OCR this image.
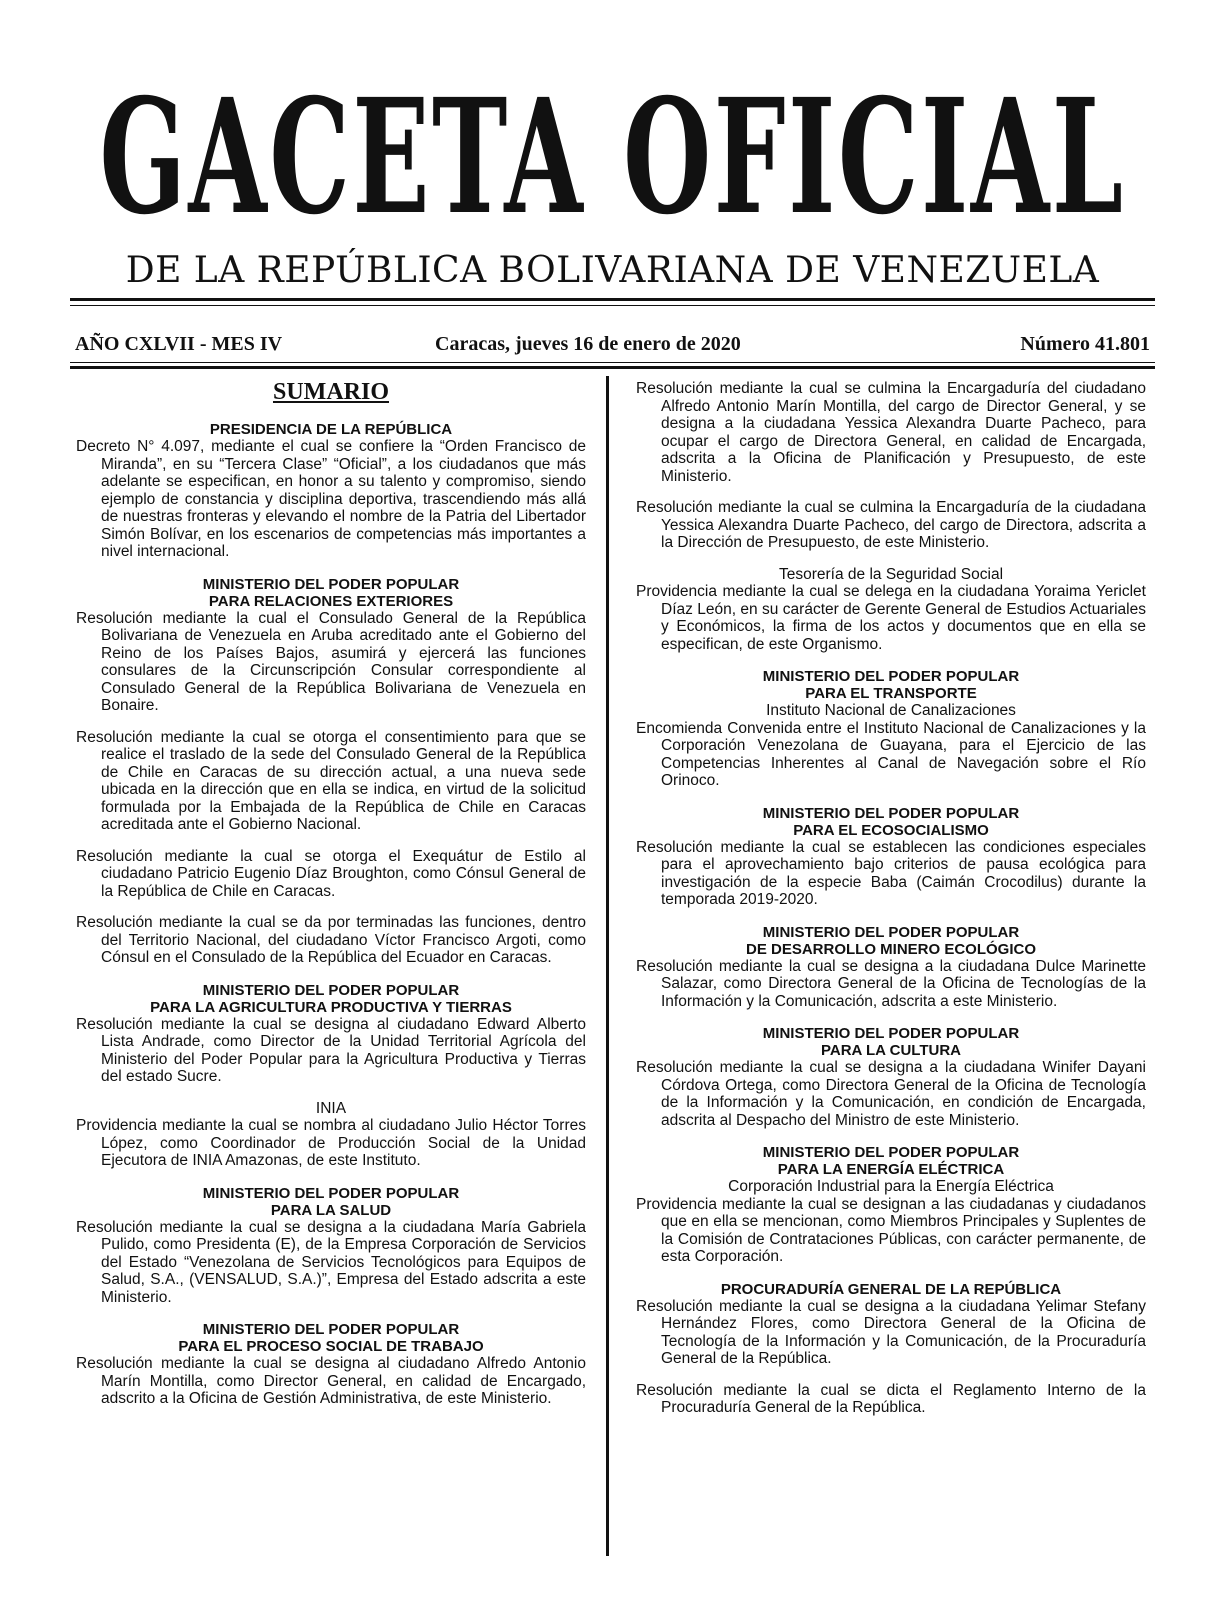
GACETA OFICIAL
DE LA REPÚBLICA BOLIVARIANA DE VENEZUELA
AÑO CXLVII - MES IV	Caracas, jueves 16 de enero de 2020	Número 41.801
SUMARIO
PRESIDENCIA DE LA REPÚBLICA

Decreto N° 4.097, mediante el cual se confiere la “Orden Francisco de Miranda”, en su “Tercera Clase” “Oficial”, a los ciudadanos que más adelante se especifican, en honor a su talento y compromiso, siendo ejemplo de constancia y disciplina deportiva, trascendiendo más allá de nuestras fronteras y elevando el nombre de la Patria del Libertador Simón Bolívar, en los escenarios de competencias más importantes a nivel internacional.

MINISTERIO DEL PODER POPULAR
PARA RELACIONES EXTERIORES

Resolución mediante la cual el Consulado General de la República Bolivariana de Venezuela en Aruba acreditado ante el Gobierno del Reino de los Países Bajos, asumirá y ejercerá las funciones consulares de la Circunscripción Consular correspondiente al Consulado General de la República Bolivariana de Venezuela en Bonaire.

Resolución mediante la cual se otorga el consentimiento para que se realice el traslado de la sede del Consulado General de la República de Chile en Caracas de su dirección actual, a una nueva sede ubicada en la dirección que en ella se indica, en virtud de la solicitud formulada por la Embajada de la República de Chile en Caracas acreditada ante el Gobierno Nacional.

Resolución mediante la cual se otorga el Exequátur de Estilo al ciudadano Patricio Eugenio Díaz Broughton, como Cónsul General de la República de Chile en Caracas.

Resolución mediante la cual se da por terminadas las funciones, dentro del Territorio Nacional, del ciudadano Víctor Francisco Argoti, como Cónsul en el Consulado de la República del Ecuador en Caracas.

MINISTERIO DEL PODER POPULAR
PARA LA AGRICULTURA PRODUCTIVA Y TIERRAS

Resolución mediante la cual se designa al ciudadano Edward Alberto Lista Andrade, como Director de la Unidad Territorial Agrícola del Ministerio del Poder Popular para la Agricultura Productiva y Tierras del estado Sucre.

INIA

Providencia mediante la cual se nombra al ciudadano Julio Héctor Torres López, como Coordinador de Producción Social de la Unidad Ejecutora de INIA Amazonas, de este Instituto.

MINISTERIO DEL PODER POPULAR
PARA LA SALUD

Resolución mediante la cual se designa a la ciudadana María Gabriela Pulido, como Presidenta (E), de la Empresa Corporación de Servicios del Estado “Venezolana de Servicios Tecnológicos para Equipos de Salud, S.A., (VENSALUD, S.A.)”, Empresa del Estado adscrita a este Ministerio.

MINISTERIO DEL PODER POPULAR
PARA EL PROCESO SOCIAL DE TRABAJO

Resolución mediante la cual se designa al ciudadano Alfredo Antonio Marín Montilla, como Director General, en calidad de Encargado, adscrito a la Oficina de Gestión Administrativa, de este Ministerio.

Resolución mediante la cual se culmina la Encargaduría del ciudadano Alfredo Antonio Marín Montilla, del cargo de Director General, y se designa a la ciudadana Yessica Alexandra Duarte Pacheco, para ocupar el cargo de Directora General, en calidad de Encargada, adscrita a la Oficina de Planificación y Presupuesto, de este Ministerio.

Resolución mediante la cual se culmina la Encargaduría de la ciudadana Yessica Alexandra Duarte Pacheco, del cargo de Directora, adscrita a la Dirección de Presupuesto, de este Ministerio.

Tesorería de la Seguridad Social

Providencia mediante la cual se delega en la ciudadana Yoraima Yericlet Díaz León, en su carácter de Gerente General de Estudios Actuariales y Económicos, la firma de los actos y documentos que en ella se especifican, de este Organismo.

MINISTERIO DEL PODER POPULAR
PARA EL TRANSPORTE
Instituto Nacional de Canalizaciones

Encomienda Convenida entre el Instituto Nacional de Canalizaciones y la Corporación Venezolana de Guayana, para el Ejercicio de las Competencias Inherentes al Canal de Navegación sobre el Río Orinoco.

MINISTERIO DEL PODER POPULAR
PARA EL ECOSOCIALISMO

Resolución mediante la cual se establecen las condiciones especiales para el aprovechamiento bajo criterios de pausa ecológica para investigación de la especie Baba (Caimán Crocodilus) durante la temporada 2019-2020.

MINISTERIO DEL PODER POPULAR
DE DESARROLLO MINERO ECOLÓGICO

Resolución mediante la cual se designa a la ciudadana Dulce Marinette Salazar, como Directora General de la Oficina de Tecnologías de la Información y la Comunicación, adscrita a este Ministerio.

MINISTERIO DEL PODER POPULAR
PARA LA CULTURA

Resolución mediante la cual se designa a la ciudadana Winifer Dayani Córdova Ortega, como Directora General de la Oficina de Tecnología de la Información y la Comunicación, en condición de Encargada, adscrita al Despacho del Ministro de este Ministerio.

MINISTERIO DEL PODER POPULAR
PARA LA ENERGÍA ELÉCTRICA
Corporación Industrial para la Energía Eléctrica

Providencia mediante la cual se designan a las ciudadanas y ciudadanos que en ella se mencionan, como Miembros Principales y Suplentes de la Comisión de Contrataciones Públicas, con carácter permanente, de esta Corporación.

PROCURADURÍA GENERAL DE LA REPÚBLICA

Resolución mediante la cual se designa a la ciudadana Yelimar Stefany Hernández Flores, como Directora General de la Oficina de Tecnología de la Información y la Comunicación, de la Procuraduría General de la República.

Resolución mediante la cual se dicta el Reglamento Interno de la Procuraduría General de la República.
